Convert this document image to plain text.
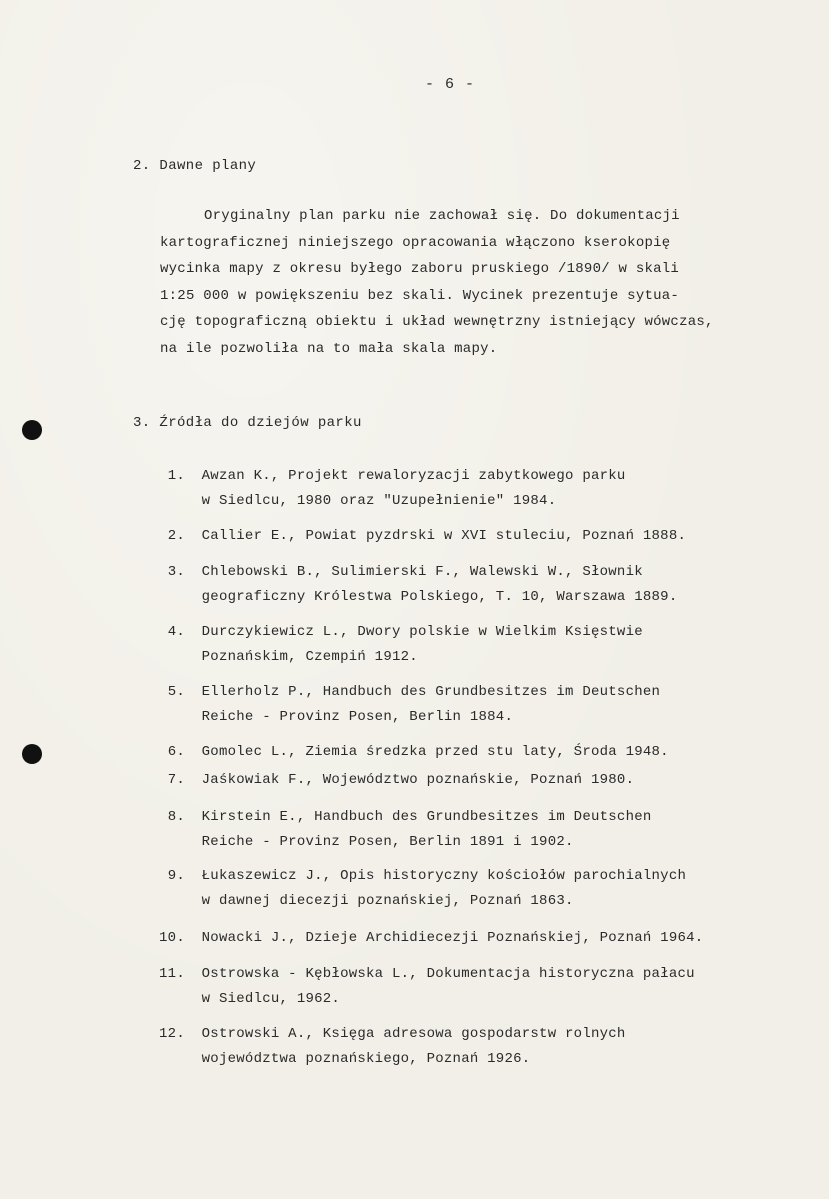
- 6 -
2. Dawne plany
Oryginalny plan parku nie zachował się. Do dokumentacji
kartograficznej niniejszego opracowania włączono kserokopię
wycinka mapy z okresu byłego zaboru pruskiego /1890/ w skali
1:25 000 w powiększeniu bez skali. Wycinek prezentuje sytua-
cję topograficzną obiektu i układ wewnętrzny istniejący wówczas,
na ile pozwoliła na to mała skala mapy.
3. Źródła do dziejów parku
1. Awzan K., Projekt rewaloryzacji zabytkowego parku
w Siedlcu, 1980 oraz "Uzupełnienie" 1984.
2. Callier E., Powiat pyzdrski w XVI stuleciu, Poznań 1888.
3. Chlebowski B., Sulimierski F., Walewski W., Słownik
geograficzny Królestwa Polskiego, T. 10, Warszawa 1889.
4. Durczykiewicz L., Dwory polskie w Wielkim Księstwie
Poznańskim, Czempiń 1912.
5. Ellerholz P., Handbuch des Grundbesitzes im Deutschen
Reiche - Provinz Posen, Berlin 1884.
6. Gomolec L., Ziemia średzka przed stu laty, Środa 1948.
7. Jaśkowiak F., Województwo poznańskie, Poznań 1980.
8. Kirstein E., Handbuch des Grundbesitzes im Deutschen
Reiche - Provinz Posen, Berlin 1891 i 1902.
9. Łukaszewicz J., Opis historyczny kościołów parochialnych
w dawnej diecezji poznańskiej, Poznań 1863.
10. Nowacki J., Dzieje Archidiecezji Poznańskiej, Poznań 1964.
11. Ostrowska - Kębłowska L., Dokumentacja historyczna pałacu
w Siedlcu, 1962.
12. Ostrowski A., Księga adresowa gospodarstw rolnych
województwa poznańskiego, Poznań 1926.
